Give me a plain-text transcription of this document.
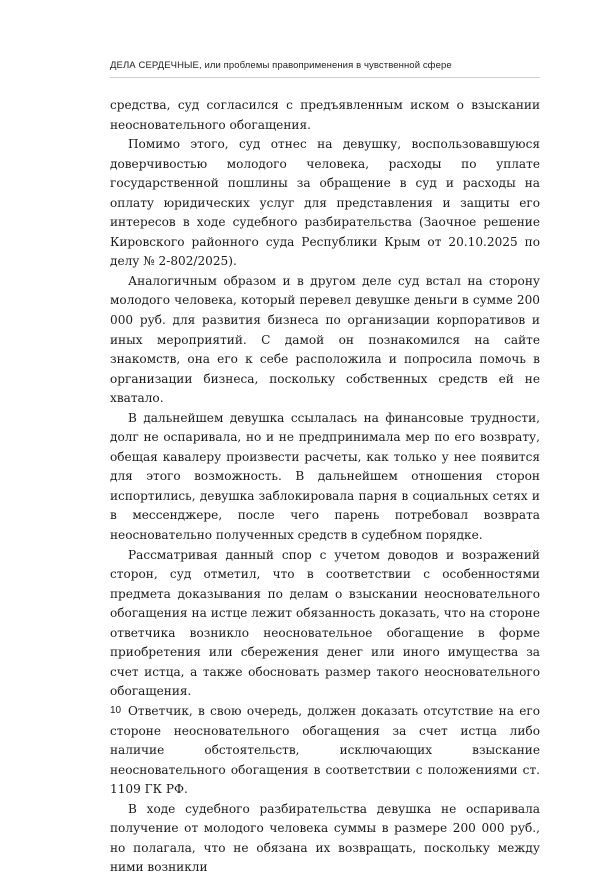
ДЕЛА СЕРДЕЧНЫЕ, или проблемы правоприменения в чувственной сфере

средства, суд согласился с предъявленным иском о взыскании неосновательного обогащения.

Помимо этого, суд отнес на девушку, воспользовавшуюся доверчивостью молодого человека, расходы по уплате государственной пошлины за обращение в суд и расходы на оплату юридических услуг для представления и защиты его интересов в ходе судебного разбирательства (Заочное решение Кировского районного суда Республики Крым от 20.10.2025 по делу № 2-802/2025).

Аналогичным образом и в другом деле суд встал на сторону молодого человека, который перевел девушке деньги в сумме 200 000 руб. для развития бизнеса по организации корпоративов и иных мероприятий. С дамой он познакомился на сайте знакомств, она его к себе расположила и попросила помочь в организации бизнеса, поскольку собственных средств ей не хватало.

В дальнейшем девушка ссылалась на финансовые трудности, долг не оспаривала, но и не предпринимала мер по его возврату, обещая кавалеру произвести расчеты, как только у нее появится для этого возможность. В дальнейшем отношения сторон испортились, девушка заблокировала парня в социальных сетях и в мессенджере, после чего парень потребовал возврата неосновательно полученных средств в судебном порядке.

Рассматривая данный спор с учетом доводов и возражений сторон, суд отметил, что в соответствии с особенностями предмета доказывания по делам о взыскании неосновательного обогащения на истце лежит обязанность доказать, что на стороне ответчика возникло неосновательное обогащение в форме приобретения или сбережения денег или иного имущества за счет истца, а также обосновать размер такого неосновательного обогащения.

Ответчик, в свою очередь, должен доказать отсутствие на его стороне неосновательного обогащения за счет истца либо наличие обстоятельств, исключающих взыскание неосновательного обогащения в соответствии с положениями ст. 1109 ГК РФ.

В ходе судебного разбирательства девушка не оспаривала получение от молодого человека суммы в размере 200 000 руб., но полагала, что не обязана их возвращать, поскольку между ними возникли

10
